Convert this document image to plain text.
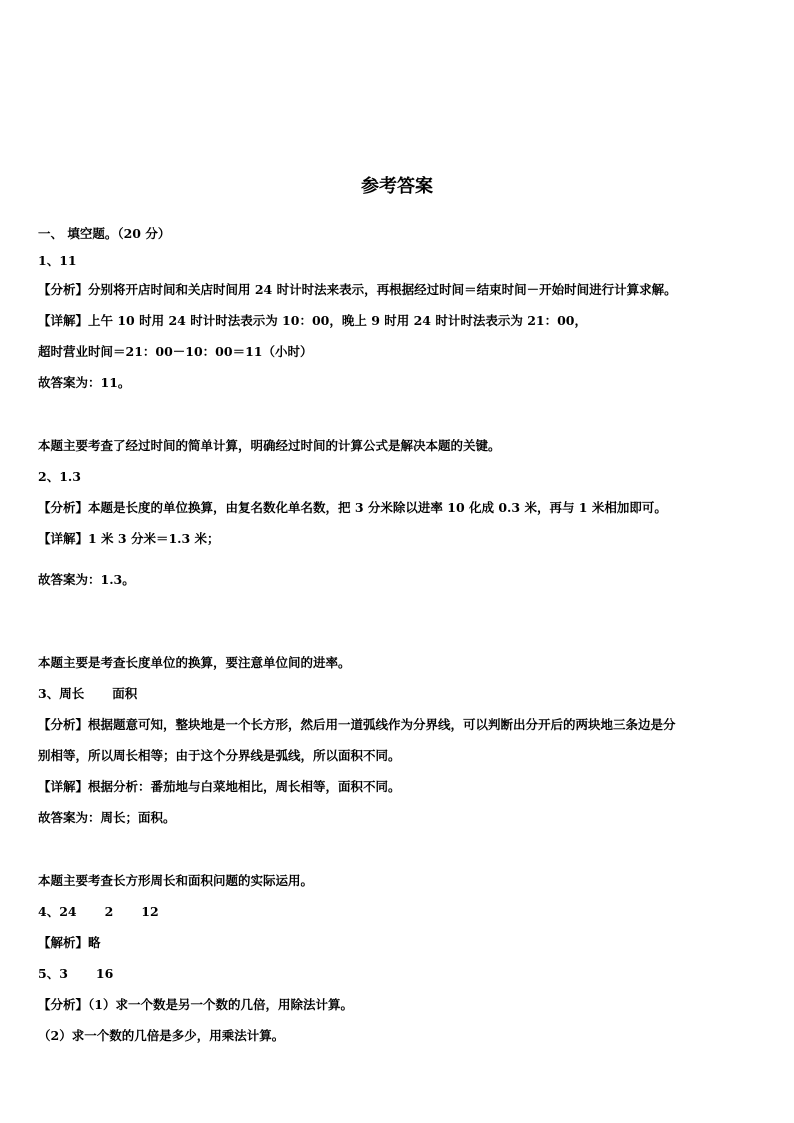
参考答案
一、 填空题。（20 分）
1、11
【分析】分别将开店时间和关店时间用 24 时计时法来表示，再根据经过时间＝结束时间－开始时间进行计算求解。
【详解】上午 10 时用 24 时计时法表示为 10：00，晚上 9 时用 24 时计时法表示为 21：00，
超时营业时间＝21：00－10：00＝11（小时）
故答案为：11。
本题主要考查了经过时间的简单计算，明确经过时间的计算公式是解决本题的关键。
2、1.3
【分析】本题是长度的单位换算，由复名数化单名数，把 3 分米除以进率 10 化成 0.3 米，再与 1 米相加即可。
【详解】1 米 3 分米＝1.3 米；
故答案为：1.3。
本题主要是考查长度单位的换算，要注意单位间的进率。
3、周长 面积
【分析】根据题意可知，整块地是一个长方形，然后用一道弧线作为分界线，可以判断出分开后的两块地三条边是分
别相等，所以周长相等；由于这个分界线是弧线，所以面积不同。
【详解】根据分析：番茄地与白菜地相比，周长相等，面积不同。
故答案为：周长；面积。
本题主要考查长方形周长和面积问题的实际运用。
4、24 2 12
【解析】略
5、3 16
【分析】（1）求一个数是另一个数的几倍，用除法计算。
（2）求一个数的几倍是多少，用乘法计算。
